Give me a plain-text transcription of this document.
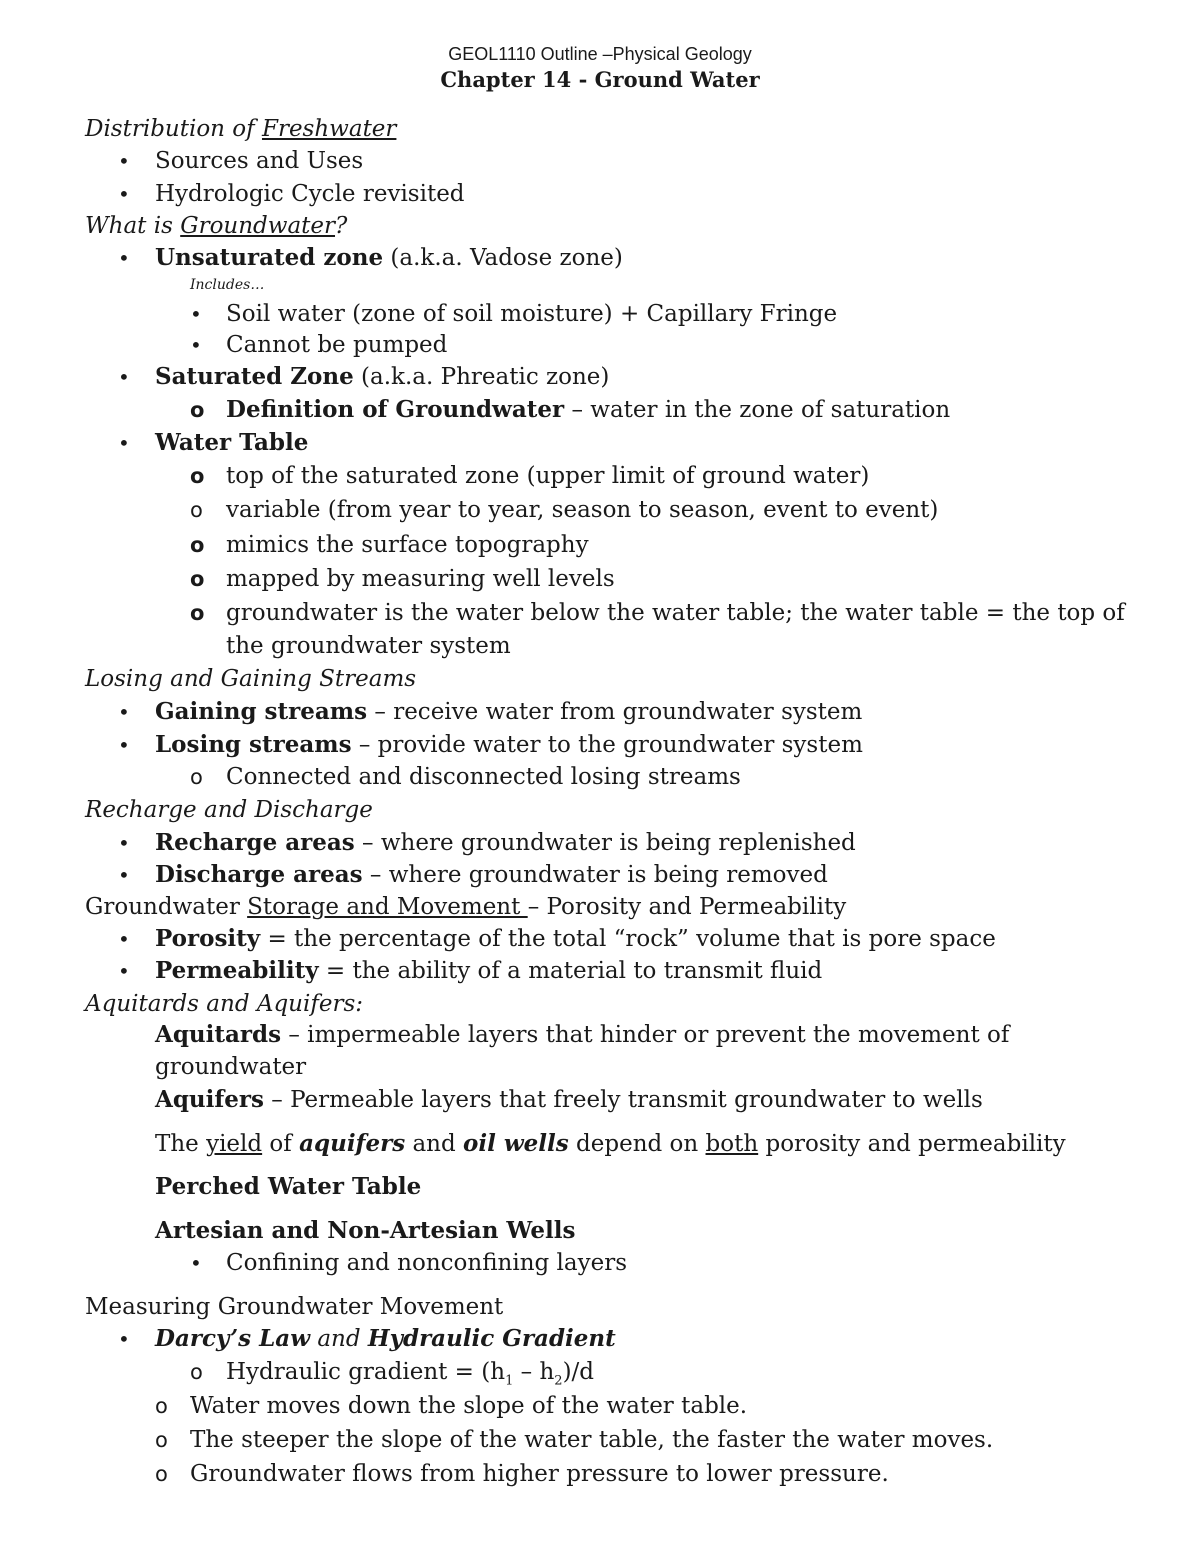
GEOL1110 Outline –Physical Geology
Chapter 14 - Ground Water
Distribution of Freshwater
• Sources and Uses
• Hydrologic Cycle revisited
What is Groundwater?
• Unsaturated zone (a.k.a. Vadose zone)
Includes…
• Soil water (zone of soil moisture) + Capillary Fringe
• Cannot be pumped
• Saturated Zone (a.k.a. Phreatic zone)
o Definition of Groundwater – water in the zone of saturation
• Water Table
o top of the saturated zone (upper limit of ground water)
o variable (from year to year, season to season, event to event)
o mimics the surface topography
o mapped by measuring well levels
o groundwater is the water below the water table; the water table = the top of
the groundwater system
Losing and Gaining Streams
• Gaining streams – receive water from groundwater system
• Losing streams – provide water to the groundwater system
o Connected and disconnected losing streams
Recharge and Discharge
• Recharge areas – where groundwater is being replenished
• Discharge areas – where groundwater is being removed
Groundwater Storage and Movement – Porosity and Permeability
• Porosity = the percentage of the total “rock” volume that is pore space
• Permeability = the ability of a material to transmit fluid
Aquitards and Aquifers:
Aquitards – impermeable layers that hinder or prevent the movement of
groundwater
Aquifers – Permeable layers that freely transmit groundwater to wells
The yield of aquifers and oil wells depend on both porosity and permeability
Perched Water Table
Artesian and Non-Artesian Wells
• Confining and nonconfining layers
Measuring Groundwater Movement
• Darcy’s Law and Hydraulic Gradient
o Hydraulic gradient = $(h_1 - h_2)/d$
o Water moves down the slope of the water table.
o The steeper the slope of the water table, the faster the water moves.
o Groundwater flows from higher pressure to lower pressure.
